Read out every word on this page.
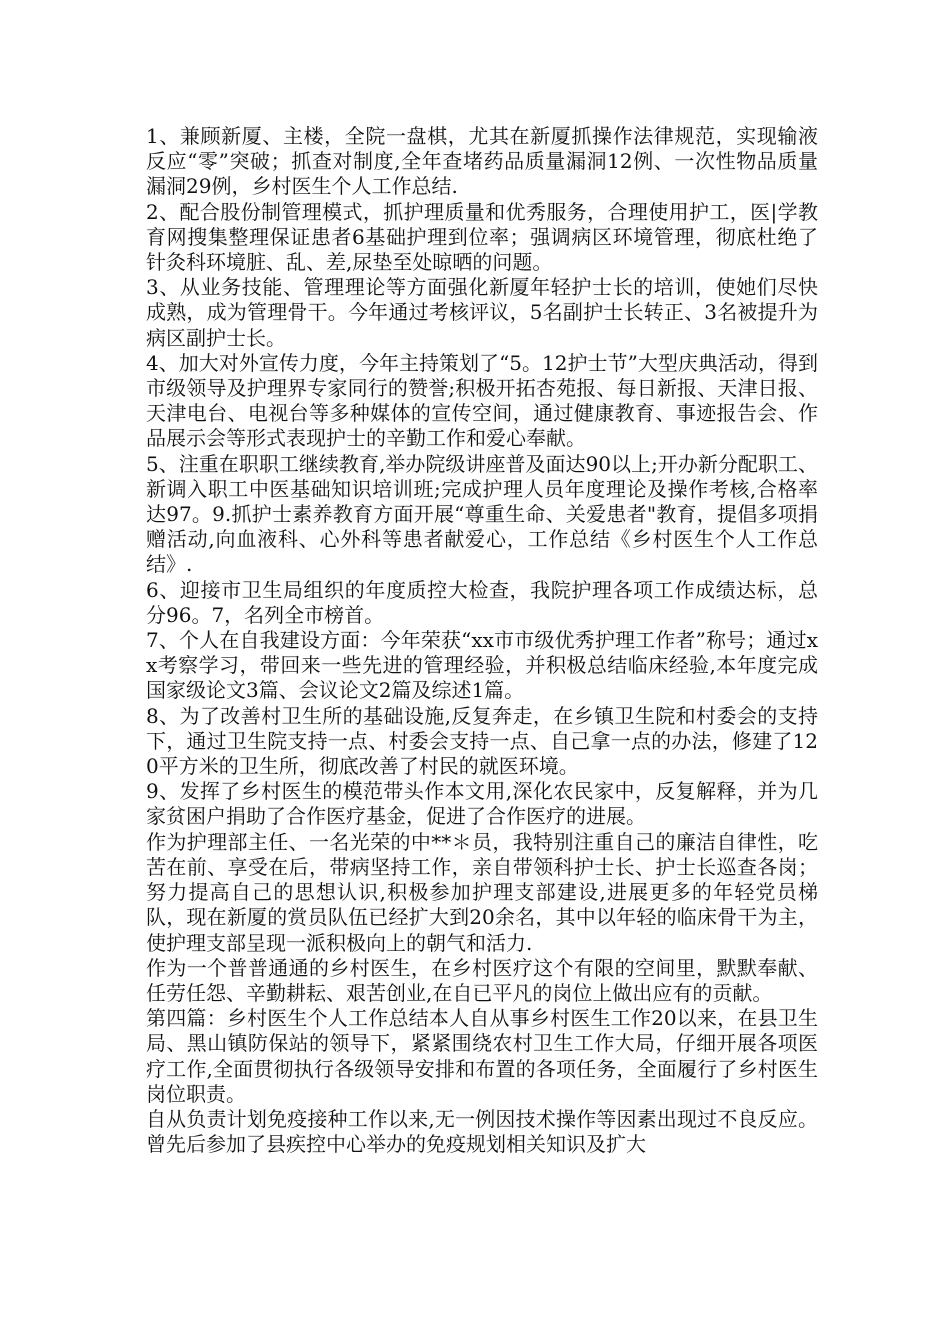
1、兼顾新厦、主楼，全院一盘棋，尤其在新厦抓操作法律规范，实现输液反应“零”突破；抓查对制度,全年查堵药品质量漏洞12例、一次性物品质量漏洞29例，乡村医生个人工作总结.

2、配合股份制管理模式，抓护理质量和优秀服务，合理使用护工，医|学教育网搜集整理保证患者6基础护理到位率；强调病区环境管理，彻底杜绝了针灸科环境脏、乱、差,尿垫至处晾晒的问题。

3、从业务技能、管理理论等方面强化新厦年轻护士长的培训，使她们尽快成熟，成为管理骨干。今年通过考核评议，5名副护士长转正、3名被提升为病区副护士长。

4、加大对外宣传力度，今年主持策划了“5。12护士节”大型庆典活动，得到市级领导及护理界专家同行的赞誉;积极开拓杏苑报、每日新报、天津日报、天津电台、电视台等多种媒体的宣传空间，通过健康教育、事迹报告会、作品展示会等形式表现护士的辛勤工作和爱心奉献。

5、注重在职职工继续教育,举办院级讲座普及面达90以上;开办新分配职工、新调入职工中医基础知识培训班;完成护理人员年度理论及操作考核,合格率达97。9.抓护士素养教育方面开展“尊重生命、关爱患者"教育，提倡多项捐赠活动,向血液科、心外科等患者献爱心，工作总结《乡村医生个人工作总结》.

6、迎接市卫生局组织的年度质控大检查，我院护理各项工作成绩达标，总分96。7，名列全市榜首。

7、个人在自我建设方面：今年荣获“xx市市级优秀护理工作者”称号；通过xx考察学习，带回来一些先进的管理经验，并积极总结临床经验,本年度完成国家级论文3篇、会议论文2篇及综述1篇。

8、为了改善村卫生所的基础设施,反复奔走，在乡镇卫生院和村委会的支持下，通过卫生院支持一点、村委会支持一点、自己拿一点的办法，修建了120平方米的卫生所，彻底改善了村民的就医环境。

9、发挥了乡村医生的模范带头作本文用,深化农民家中，反复解释，并为几家贫困户捐助了合作医疗基金，促进了合作医疗的进展。

作为护理部主任、一名光荣的中**＊员，我特别注重自己的廉洁自律性，吃苦在前、享受在后，带病坚持工作，亲自带领科护士长、护士长巡查各岗；努力提高自己的思想认识,积极参加护理支部建设,进展更多的年轻党员梯队，现在新厦的赏员队伍已经扩大到20余名，其中以年轻的临床骨干为主，使护理支部呈现一派积极向上的朝气和活力.

作为一个普普通通的乡村医生，在乡村医疗这个有限的空间里，默默奉献、任劳任怨、辛勤耕耘、艰苦创业,在自已平凡的岗位上做出应有的贡献。

第四篇：乡村医生个人工作总结本人自从事乡村医生工作20以来，在县卫生局、黑山镇防保站的领导下，紧紧围绕农村卫生工作大局，仔细开展各项医疗工作,全面贯彻执行各级领导安排和布置的各项任务，全面履行了乡村医生岗位职责。

自从负责计划免疫接种工作以来,无一例因技术操作等因素出现过不良反应。曾先后参加了县疾控中心举办的免疫规划相关知识及扩大
